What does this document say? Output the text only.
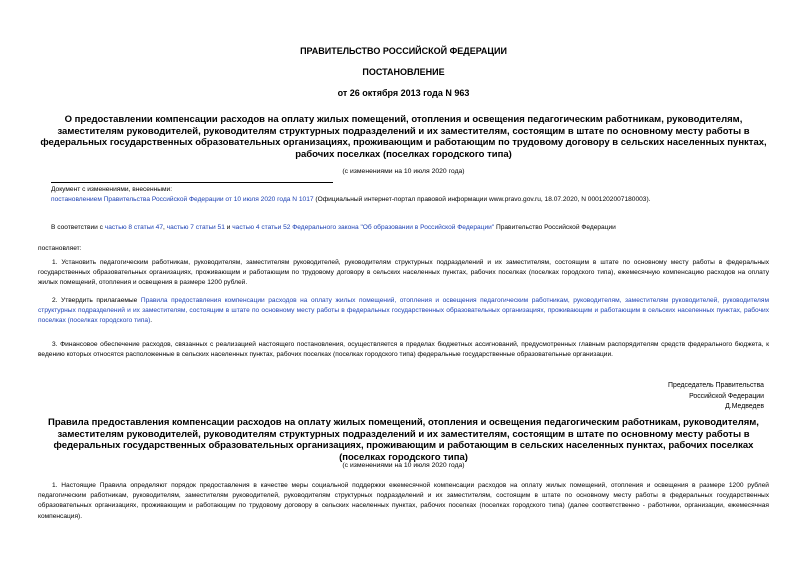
ПРАВИТЕЛЬСТВО РОССИЙСКОЙ ФЕДЕРАЦИИ
ПОСТАНОВЛЕНИЕ
от 26 октября 2013 года N 963
О предоставлении компенсации расходов на оплату жилых помещений, отопления и освещения педагогическим работникам, руководителям, заместителям руководителей, руководителям структурных подразделений и их заместителям, состоящим в штате по основному месту работы в федеральных государственных образовательных организациях, проживающим и работающим по трудовому договору в сельских населенных пунктах, рабочих поселках (поселках городского типа)
(с изменениями на 10 июля 2020 года)
Документ с изменениями, внесенными:
постановлением Правительства Российской Федерации от 10 июля 2020 года N 1017 (Официальный интернет-портал правовой информации www.pravo.gov.ru, 18.07.2020, N 0001202007180003).
В соответствии с частью 8 статьи 47, частью 7 статьи 51 и частью 4 статьи 52 Федерального закона "Об образовании в Российской Федерации" Правительство Российской Федерации
постановляет:
1. Установить педагогическим работникам, руководителям, заместителям руководителей, руководителям структурных подразделений и их заместителям, состоящим в штате по основному месту работы в федеральных государственных образовательных организациях, проживающим и работающим по трудовому договору в сельских населенных пунктах, рабочих поселках (поселках городского типа), ежемесячную компенсацию расходов на оплату жилых помещений, отопления и освещения в размере 1200 рублей.
2. Утвердить прилагаемые Правила предоставления компенсации расходов на оплату жилых помещений, отопления и освещения педагогическим работникам, руководителям, заместителям руководителей, руководителям структурных подразделений и их заместителям, состоящим в штате по основному месту работы в федеральных государственных образовательных организациях, проживающим и работающим в сельских населенных пунктах, рабочих поселках (поселках городского типа).
3. Финансовое обеспечение расходов, связанных с реализацией настоящего постановления, осуществляется в пределах бюджетных ассигнований, предусмотренных главным распорядителям средств федерального бюджета, к ведению которых относятся расположенные в сельских населенных пунктах, рабочих поселках (поселках городского типа) федеральные государственные образовательные организации.
Председатель Правительства
Российской Федерации
Д.Медведев
Правила предоставления компенсации расходов на оплату жилых помещений, отопления и освещения педагогическим работникам, руководителям, заместителям руководителей, руководителям структурных подразделений и их заместителям, состоящим в штате по основному месту работы в федеральных государственных образовательных организациях, проживающим и работающим в сельских населенных пунктах, рабочих поселках (поселках городского типа)
(с изменениями на 10 июля 2020 года)
1. Настоящие Правила определяют порядок предоставления в качестве меры социальной поддержки ежемесячной компенсации расходов на оплату жилых помещений, отопления и освещения в размере 1200 рублей педагогическим работникам, руководителям, заместителям руководителей, руководителям структурных подразделений и их заместителям, состоящим в штате по основному месту работы в федеральных государственных образовательных организациях, проживающим и работающим по трудовому договору в сельских населенных пунктах, рабочих поселках (поселках городского типа) (далее соответственно - работники, организации, ежемесячная компенсация).
